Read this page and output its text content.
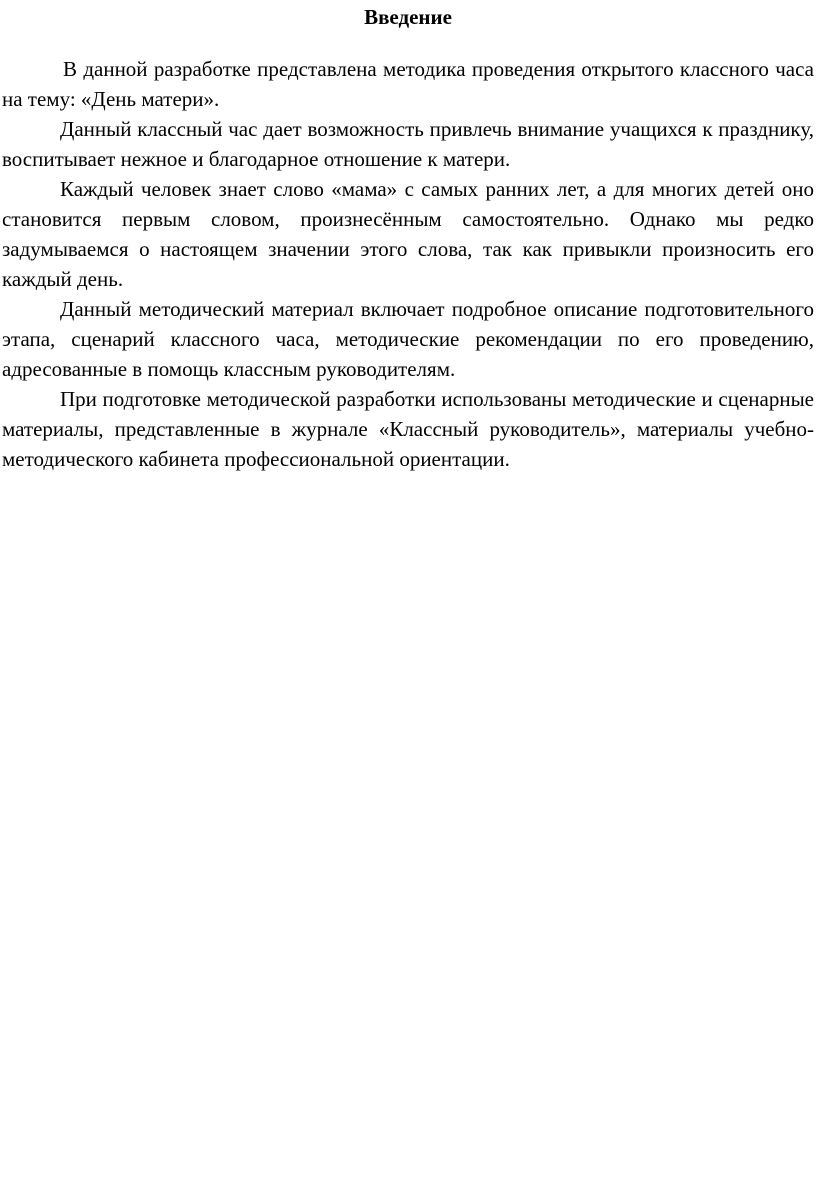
Введение

В данной разработке представлена методика проведения открытого классного часа на тему: «День матери».

Данный классный час дает возможность привлечь внимание учащихся к празднику, воспитывает нежное и благодарное отношение к матери.

Каждый человек знает слово «мама» с самых ранних лет, а для многих детей оно становится первым словом, произнесённым самостоятельно. Однако мы редко задумываемся о настоящем значении этого слова, так как привыкли произносить его каждый день.

Данный методический материал включает подробное описание подготовительного этапа, сценарий классного часа, методические рекомендации по его проведению, адресованные в помощь классным руководителям.

При подготовке методической разработки использованы методические и сценарные материалы, представленные в журнале «Классный руководитель», материалы учебно-методического кабинета профессиональной ориентации.
